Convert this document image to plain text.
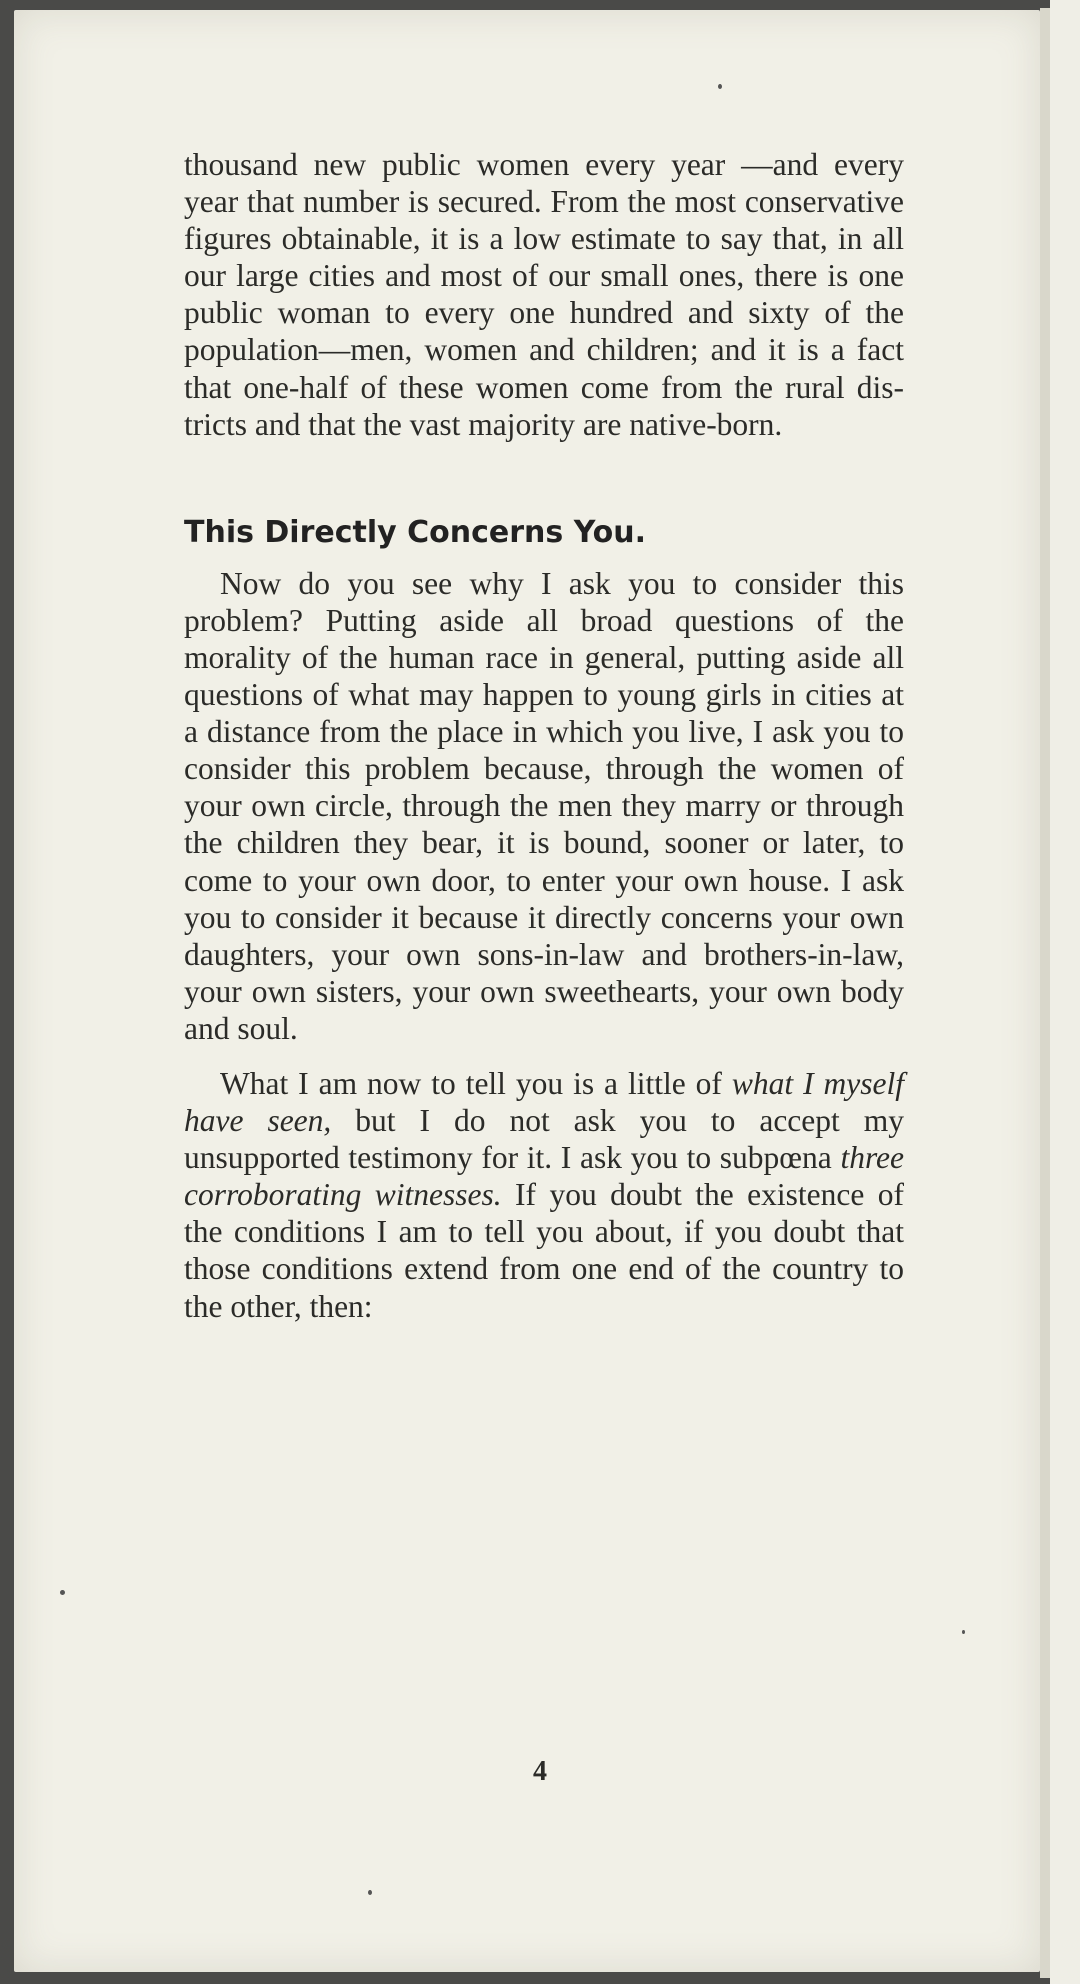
thousand new public women every year —and every year that number is secured. From the most conservative figures obtainable, it is a low estimate to say that, in all our large cities and most of our small ones, there is one public woman to every one hundred and sixty of the population—men, women and children; and it is a fact that one-half of these women come from the rural districts and that the vast majority are native-born.

This Directly Concerns You.

Now do you see why I ask you to consider this problem? Putting aside all broad questions of the morality of the human race in general, putting aside all questions of what may happen to young girls in cities at a distance from the place in which you live, I ask you to consider this problem because, through the women of your own circle, through the men they marry or through the children they bear, it is bound, sooner or later, to come to your own door, to enter your own house. I ask you to consider it because it directly concerns your own daughters, your own sons-in-law and brothers-in-law, your own sisters, your own sweethearts, your own body and soul.

What I am now to tell you is a little of what I myself have seen, but I do not ask you to accept my unsupported testimony for it. I ask you to subpœna three corroborating witnesses. If you doubt the existence of the conditions I am to tell you about, if you doubt that those conditions extend from one end of the country to the other, then:

4
